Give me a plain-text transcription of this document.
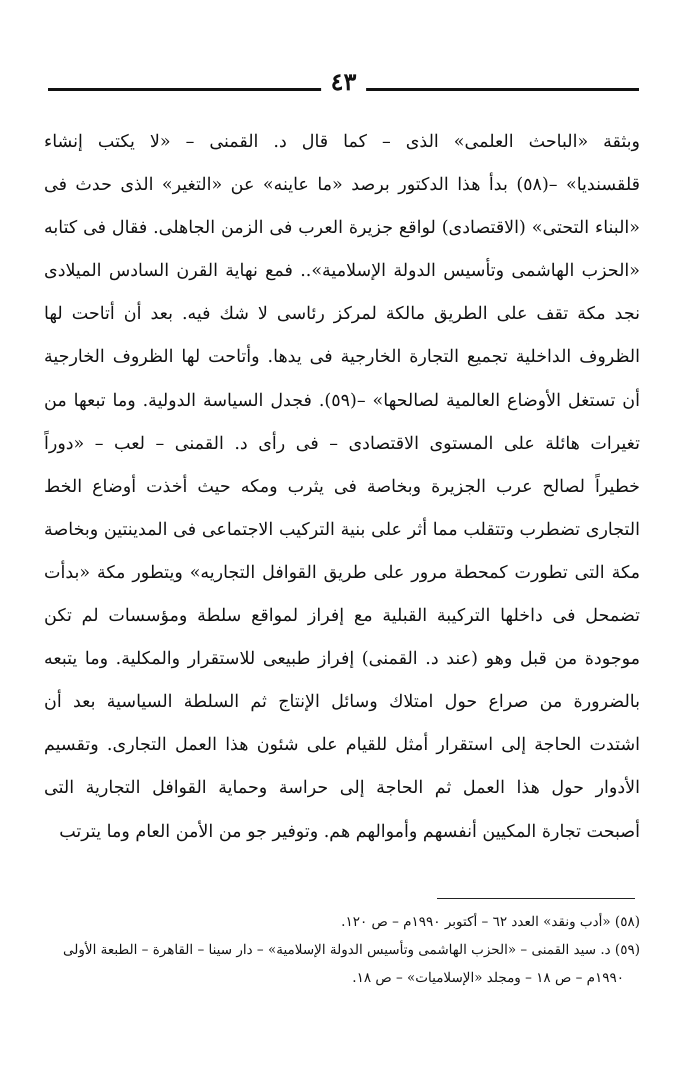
٤٣
وبثقة «الباحث العلمى» الذى – كما قال د. القمنى – «لا يكتب إنشاء
قلقسنديا» –(٥٨) بدأ هذا الدكتور برصد «ما عاينه» عن «التغير» الذى حدث فى
«البناء التحتى» (الاقتصادى) لواقع جزيرة العرب فى الزمن الجاهلى. فقال فى كتابه
«الحزب الهاشمى وتأسيس الدولة الإسلامية».. فمع نهاية القرن السادس الميلادى
نجد مكة تقف على الطريق مالكة لمركز رئاسى لا شك فيه. بعد أن أتاحت لها
الظروف الداخلية تجميع التجارة الخارجية فى يدها. وأتاحت لها الظروف الخارجية
أن تستغل الأوضاع العالمية لصالحها» –(٥٩). فجدل السياسة الدولية. وما تبعها من
تغيرات هائلة على المستوى الاقتصادى – فى رأى د. القمنى – لعب – «دوراً
خطيراً لصالح عرب الجزيرة وبخاصة فى يثرب ومكه حيث أخذت أوضاع الخط
التجارى تضطرب وتتقلب مما أثر على بنية التركيب الاجتماعى فى المدينتين وبخاصة
مكة التى تطورت كمحطة مرور على طريق القوافل التجاريه» ويتطور مكة «بدأت
تضمحل فى داخلها التركيبة القبلية مع إفراز لمواقع سلطة ومؤسسات لم تكن
موجودة من قبل وهو (عند د. القمنى) إفراز طبيعى للاستقرار والمكلية. وما يتبعه
بالضرورة من صراع حول امتلاك وسائل الإنتاج ثم السلطة السياسية بعد أن
اشتدت الحاجة إلى استقرار أمثل للقيام على شئون هذا العمل التجارى. وتقسيم
الأدوار حول هذا العمل ثم الحاجة إلى حراسة وحماية القوافل التجارية التى
أصبحت تجارة المكيين أنفسهم وأموالهم هم. وتوفير جو من الأمن العام وما يترتب
(٥٨) «أدب ونقد» العدد ٦٢ – أكتوبر ١٩٩٠م – ص ١٢٠.
(٥٩) د. سيد القمنى – «الحزب الهاشمى وتأسيس الدولة الإسلامية» – دار سينا – القاهرة – الطبعة الأولى
١٩٩٠م – ص ١٨ – ومجلد «الإسلاميات» – ص ١٨.
